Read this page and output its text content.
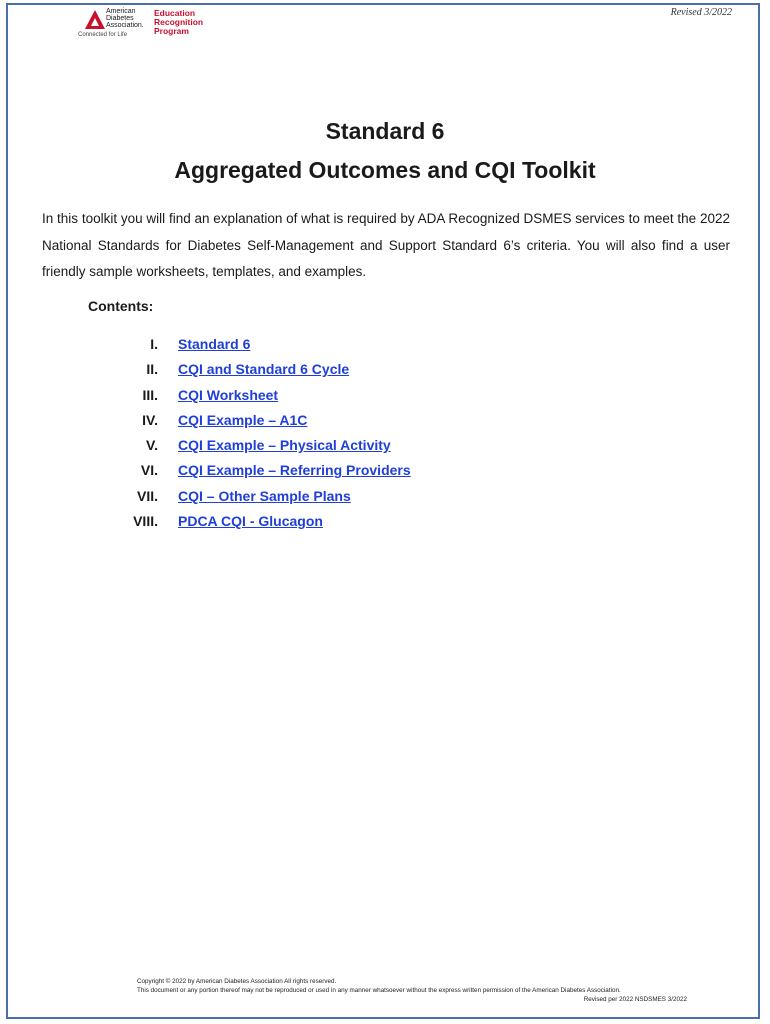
American
Diabetes
Association.
Connected for Life
Education
Recognition
Program
Revised 3/2022
Standard 6
Aggregated Outcomes and CQI Toolkit
In this toolkit you will find an explanation of what is required by ADA Recognized DSMES services to meet the 2022 National Standards for Diabetes Self-Management and Support Standard 6’s criteria. You will also find a user friendly sample worksheets, templates, and examples.
Contents:
I. Standard 6
II. CQI and Standard 6 Cycle
III. CQI Worksheet
IV. CQI Example – A1C
V. CQI Example – Physical Activity
VI. CQI Example – Referring Providers
VII. CQI – Other Sample Plans
VIII. PDCA CQI - Glucagon
Copyright © 2022 by American Diabetes Association All rights reserved.
This document or any portion thereof may not be reproduced or used in any manner whatsoever without the express written permission of the American Diabetes Association.
Revised per 2022 NSDSMES 3/2022
